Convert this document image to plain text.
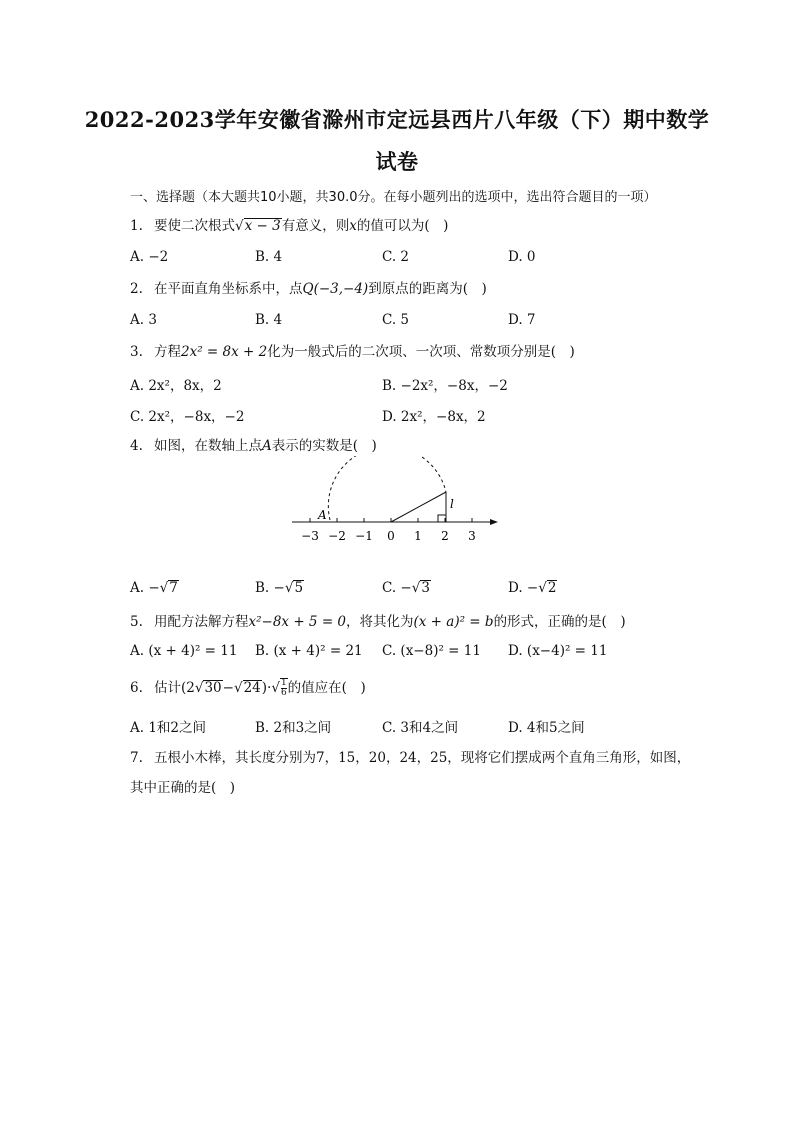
2022-2023学年安徽省滁州市定远县西片八年级（下）期中数学
试卷
一、选择题（本大题共10小题，共30.0分。在每小题列出的选项中，选出符合题目的一项）
1. 要使二次根式√x − 3有意义，则x的值可以为(　)
A. −2	B. 4	C. 2	D. 0
2. 在平面直角坐标系中，点Q(−3,−4)到原点的距离为(　)
A. 3	B. 4	C. 5	D. 7
3. 方程2x² = 8x + 2化为一般式后的二次项、一次项、常数项分别是(　)
A. 2x²，8x，2	B. −2x²，−8x，−2
C. 2x²，−8x，−2	D. 2x²，−8x，2
4. 如图，在数轴上点A表示的实数是(　)
−3 −2 −1 0 1 2 3
A
l
A. −√7	B. −√5	C. −√3	D. −√2
5. 用配方法解方程x²−8x + 5 = 0，将其化为(x + a)² = b的形式，正确的是(　)
A. (x + 4)² = 11 B. (x + 4)² = 21 C. (x−8)² = 11 D. (x−4)² = 11
6. 估计$(2√30-√24)\cdot√ \frac{1}{6}$ 的值应在(　)
A. 1和2之间	B. 2和3之间	C. 3和4之间	D. 4和5之间
7. 五根小木棒，其长度分别为7，15，20，24，25，现将它们摆成两个直角三角形，如图，
其中正确的是(　)
